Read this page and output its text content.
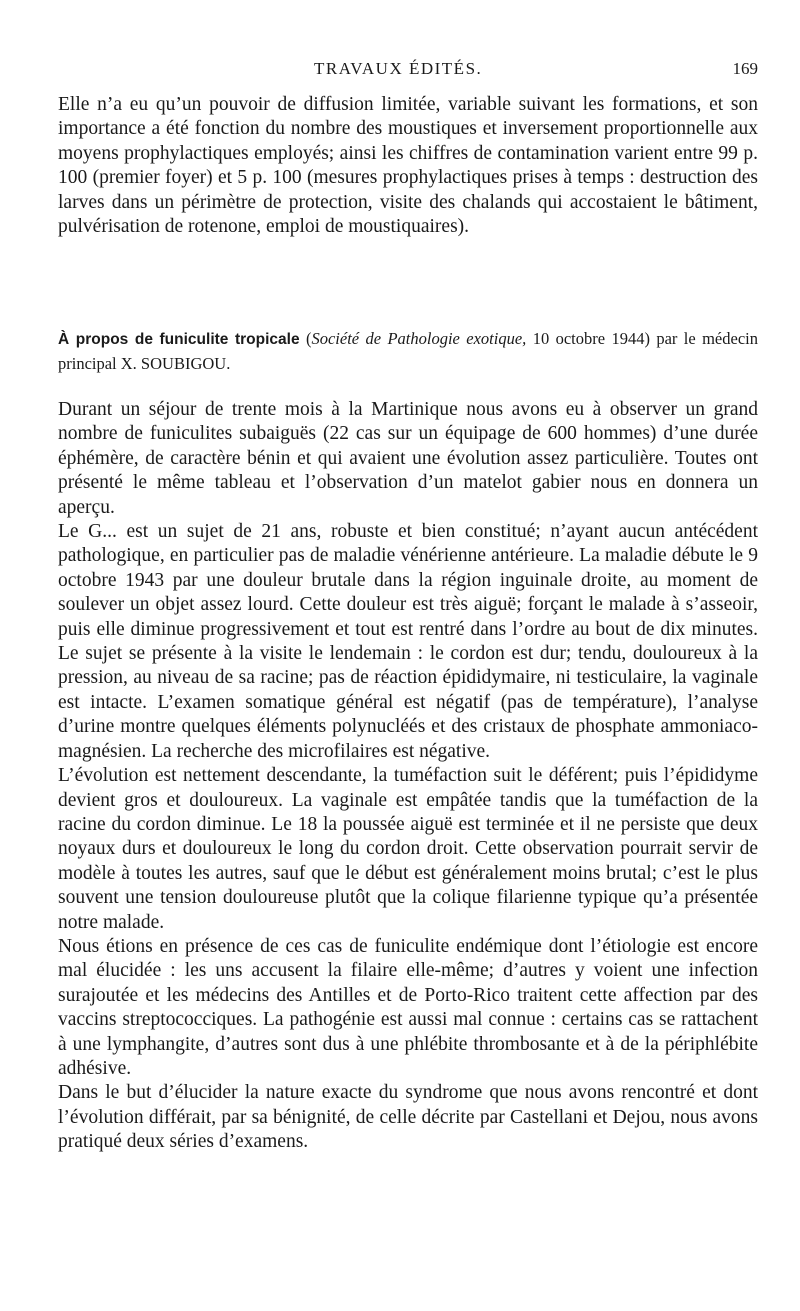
TRAVAUX ÉDITÉS.	169
Elle n’a eu qu’un pouvoir de diffusion limitée, variable suivant les formations, et son importance a été fonction du nombre des moustiques et inversement proportionnelle aux moyens prophylactiques employés; ainsi les chiffres de contamination varient entre 99 p. 100 (premier foyer) et 5 p. 100 (mesures prophylactiques prises à temps : destruction des larves dans un périmètre de protection, visite des chalands qui accostaient le bâtiment, pulvérisation de rotenone, emploi de moustiquaires).
À propos de funiculite tropicale (Société de Pathologie exotique, 10 octobre 1944) par le médecin principal X. SOUBIGOU.

Durant un séjour de trente mois à la Martinique nous avons eu à observer un grand nombre de funiculites subaiguës (22 cas sur un équipage de 600 hommes) d’une durée éphémère, de caractère bénin et qui avaient une évolution assez particulière. Toutes ont présenté le même tableau et l’observation d’un matelot gabier nous en donnera un aperçu.

Le G... est un sujet de 21 ans, robuste et bien constitué; n’ayant aucun antécédent pathologique, en particulier pas de maladie vénérienne antérieure. La maladie débute le 9 octobre 1943 par une douleur brutale dans la région inguinale droite, au moment de soulever un objet assez lourd. Cette douleur est très aiguë; forçant le malade à s’asseoir, puis elle diminue progressivement et tout est rentré dans l’ordre au bout de dix minutes. Le sujet se présente à la visite le lendemain : le cordon est dur; tendu, douloureux à la pression, au niveau de sa racine; pas de réaction épididymaire, ni testiculaire, la vaginale est intacte. L’examen somatique général est négatif (pas de température), l’analyse d’urine montre quelques éléments polynucléés et des cristaux de phosphate ammoniaco-magnésien. La recherche des microfilaires est négative.

L’évolution est nettement descendante, la tuméfaction suit le déférent; puis l’épididyme devient gros et douloureux. La vaginale est empâtée tandis que la tuméfaction de la racine du cordon diminue. Le 18 la poussée aiguë est terminée et il ne persiste que deux noyaux durs et douloureux le long du cordon droit. Cette observation pourrait servir de modèle à toutes les autres, sauf que le début est généralement moins brutal; c’est le plus souvent une tension douloureuse plutôt que la colique filarienne typique qu’a présentée notre malade.

Nous étions en présence de ces cas de funiculite endémique dont l’étiologie est encore mal élucidée : les uns accusent la filaire elle-même; d’autres y voient une infection surajoutée et les médecins des Antilles et de Porto-Rico traitent cette affection par des vaccins streptococciques. La pathogénie est aussi mal connue : certains cas se rattachent à une lymphangite, d’autres sont dus à une phlébite thrombosante et à de la périphlébite adhésive.

Dans le but d’élucider la nature exacte du syndrome que nous avons rencontré et dont l’évolution différait, par sa bénignité, de celle décrite par Castellani et Dejou, nous avons pratiqué deux séries d’examens.
